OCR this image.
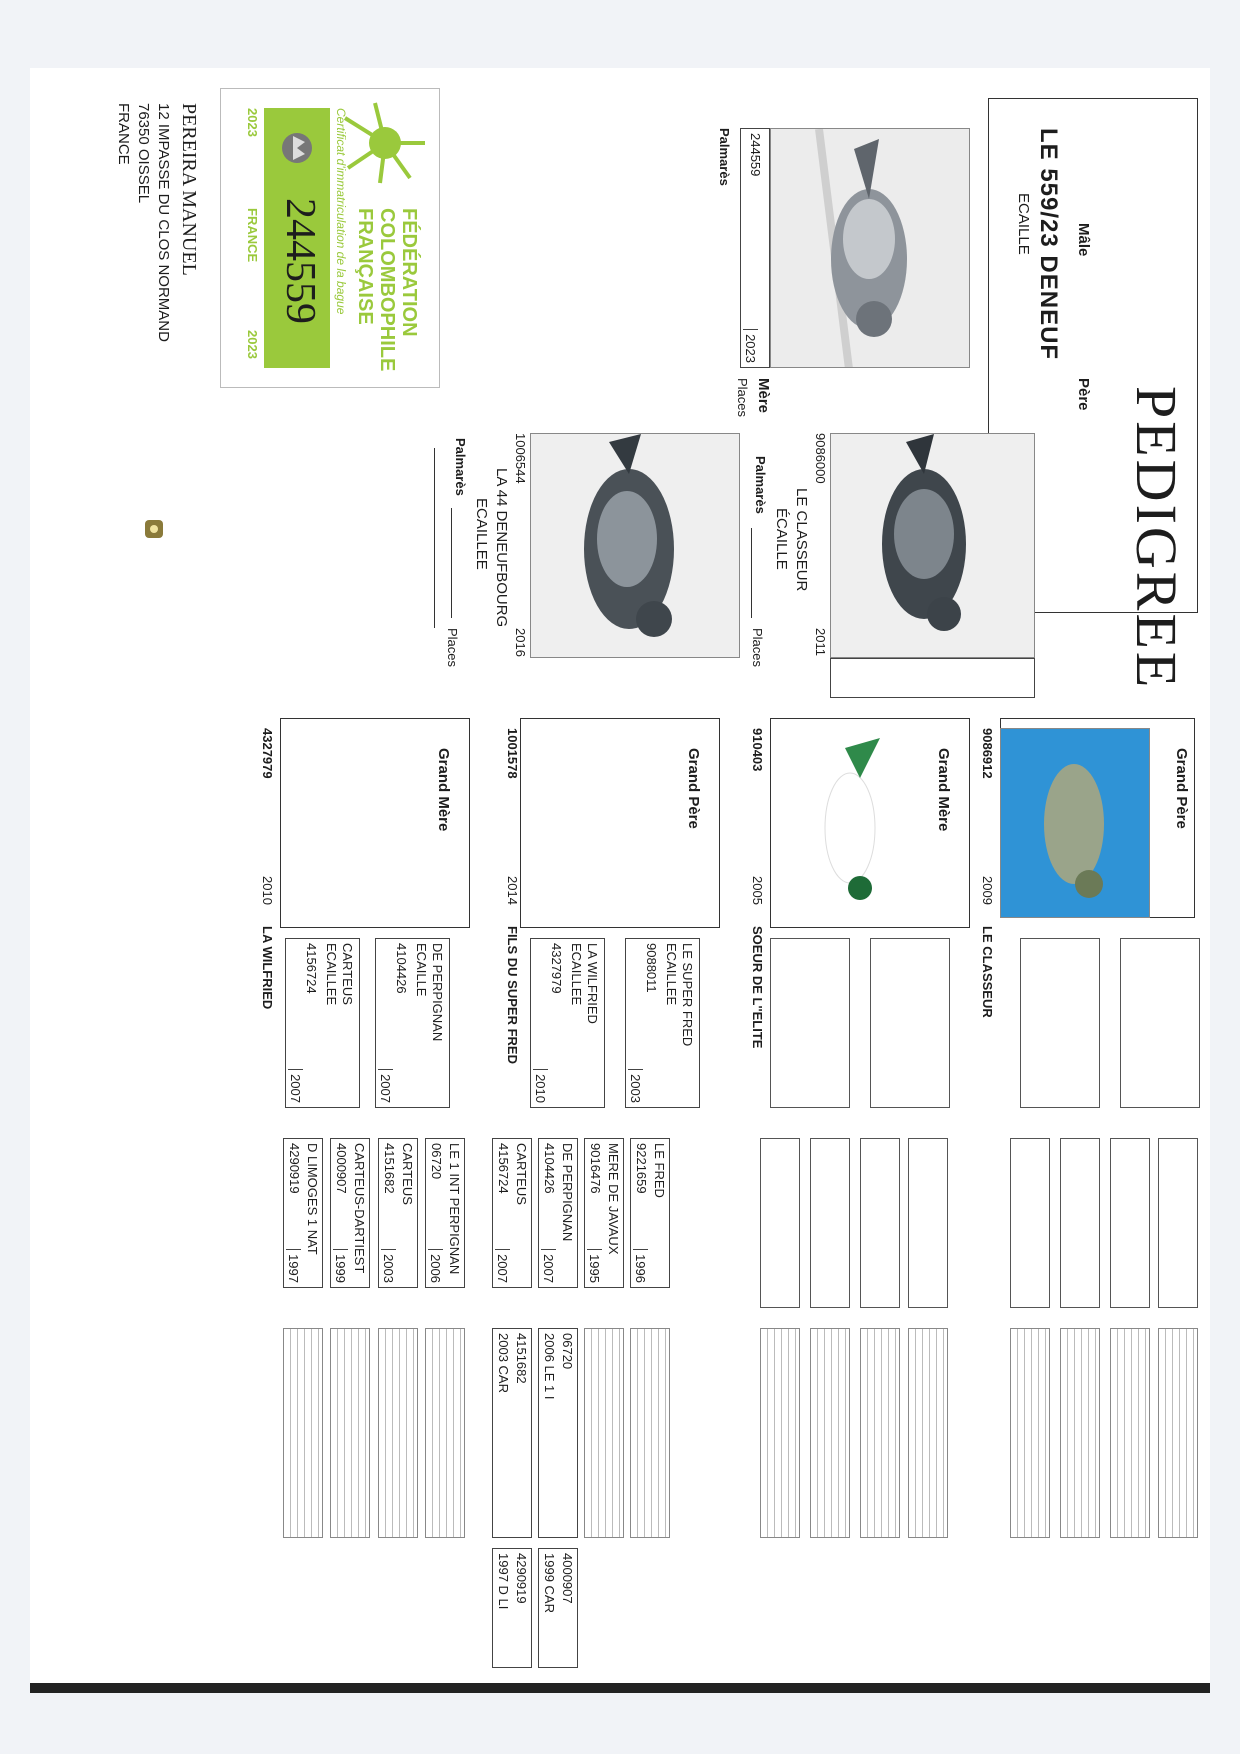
PEDIGREE
Mâle
LE 559/23 DENEUF
ECAILLE
244559
2023
Palmarès
Père
9086000
2011
LE CLASSEUR
ÉCAILLE
Palmarès
Places
Mère
Places
1006544
2016
LA 44 DENEUFBOURG
ECAILLEE
Palmarès
Places
FÉDÉRATION
COLOMBOPHILE
FRANÇAISE
Certificat d'immatriculation de la bague
244559
2023
FRANCE
2023
PEREIRA MANUEL
12 IMPASSE DU CLOS NORMAND
76350 OISSEL
FRANCE
Grand Père
9086912
2009
LE CLASSEUR
Grand Mère
910403
2005
SOEUR DE L''ELITE
Grand Père
1001578
2014
FILS DU SUPER FRED
Grand Mère
4327979
2010
LA WILFRIED	LE SUPER FRED
ECAILLEE
9088011
2003
LA WILFRIED
ECAILLEE
4327979
2010
DE PERPIGNAN
ECAILLE
4104426
2007
CARTEUS
ECAILLEE
4156724
2007
LE FRED
9221659
1996
MERE DE JAVAUX
9016476
1995
DE PERPIGNAN
4104426
2007
CARTEUS
4156724
2007
LE 1 INT PERPIGNAN
06720
2006
CARTEUS
4151682
2003
CARTEUS-DARTIEST
4000907
1999
D LIMOGES 1 NAT
4290919
1997
06720
2006 LE 1 I
4151682
2003 CAR
4000907
1999 CAR
4290919
1997 D LI
